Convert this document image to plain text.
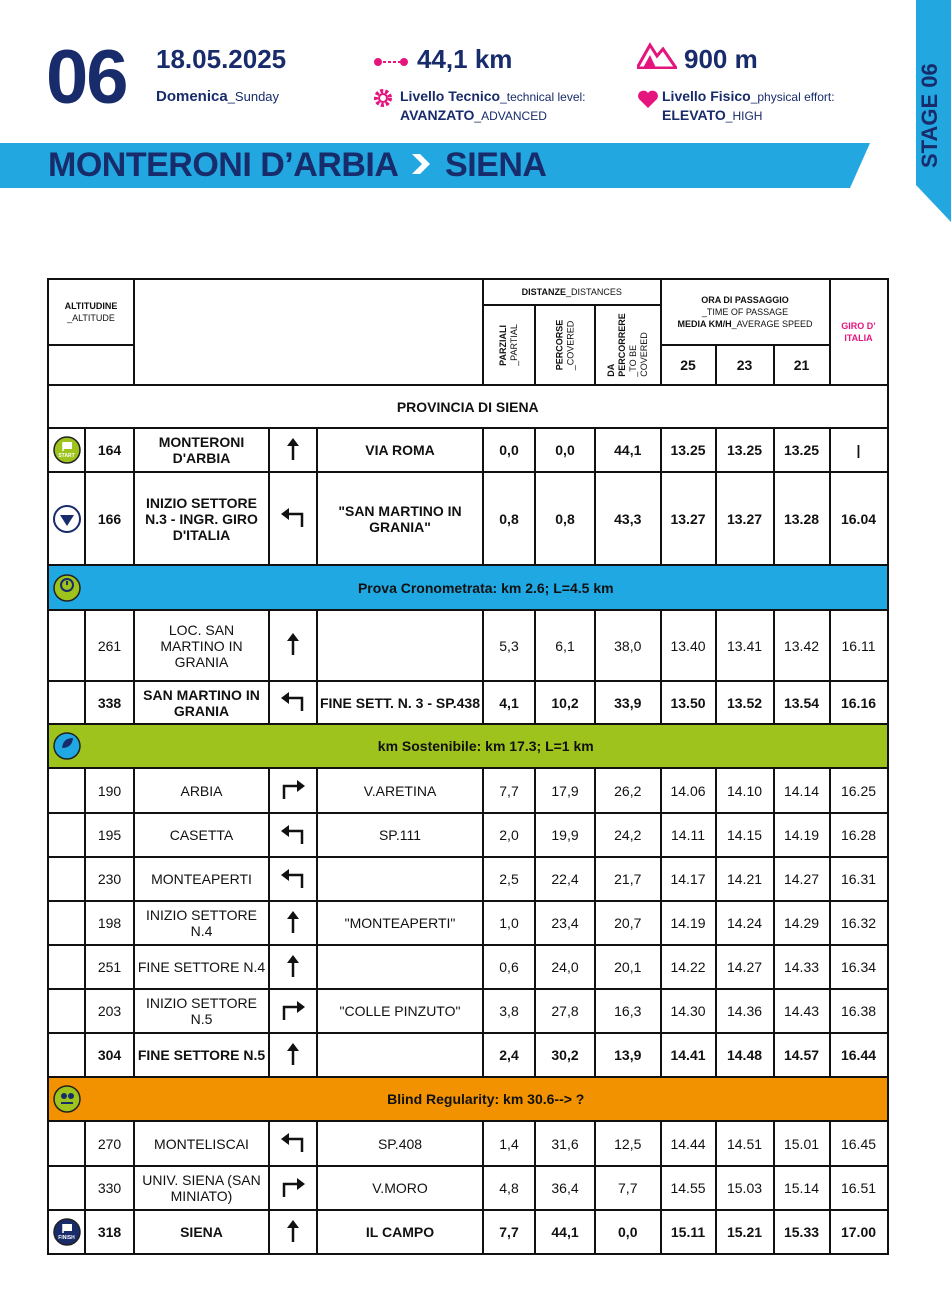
06 18.05.2025
Domenica_Sunday
44,1 km	900 m
Livello Tecnico_technical level:
AVANZATO_ADVANCED
Livello Fisico_physical effort:
ELEVATO_HIGH
MONTERONI D’ARBIA SIENA	STAGE 06
ALTITUDINE
_ALTITUDE					DISTANZE_DISTANCES			ORA DI PASSAGGIO
_TIME OF PASSAGE
MEDIA KM/H_AVERAGE SPEED			GIRO D’ ITALIA

					PARZIALI
_PARTIAL	PERCORSE
_COVERED	DA
PERCORRERE
_TO BE
COVERED				
								25	23	21	
PROVINCIA DI SIENA											

START	164	MONTERONI D'ARBIA		VIA ROMA	0,0	0,0	44,1	13.25	13.25	13.25	|

	166	INIZIO SETTORE N.3 - INGR. GIRO D'ITALIA		"SAN MARTINO IN GRANIA"	0,8	0,8	43,3	13.27	13.27	13.28	16.04

	Prova Cronometrata: km 2.6; L=4.5 km										
	261	LOC. SAN MARTINO IN GRANIA			5,3	6,1	38,0	13.40	13.41	13.42	16.11
	338	SAN MARTINO IN GRANIA		FINE SETT. N. 3 - SP.438	4,1	10,2	33,9	13.50	13.52	13.54	16.16

	km Sostenibile: km 17.3; L=1 km										
	190	ARBIA		V.ARETINA	7,7	17,9	26,2	14.06	14.10	14.14	16.25
	195	CASETTA		SP.111	2,0	19,9	24,2	14.11	14.15	14.19	16.28
	230	MONTEAPERTI			2,5	22,4	21,7	14.17	14.21	14.27	16.31
	198	INIZIO SETTORE N.4		"MONTEAPERTI"	1,0	23,4	20,7	14.19	14.24	14.29	16.32
	251	FINE SETTORE N.4			0,6	24,0	20,1	14.22	14.27	14.33	16.34
	203	INIZIO SETTORE N.5		"COLLE PINZUTO"	3,8	27,8	16,3	14.30	14.36	14.43	16.38
	304	FINE SETTORE N.5			2,4	30,2	13,9	14.41	14.48	14.57	16.44

	Blind Regularity: km 30.6--> ?										
	270	MONTELISCAI		SP.408	1,4	31,6	12,5	14.44	14.51	15.01	16.45
	330	UNIV. SIENA (SAN MINIATO)		V.MORO	4,8	36,4	7,7	14.55	15.03	15.14	16.51

FINISH	318	SIENA		IL CAMPO	7,7	44,1	0,0	15.11	15.21	15.33	17.00
